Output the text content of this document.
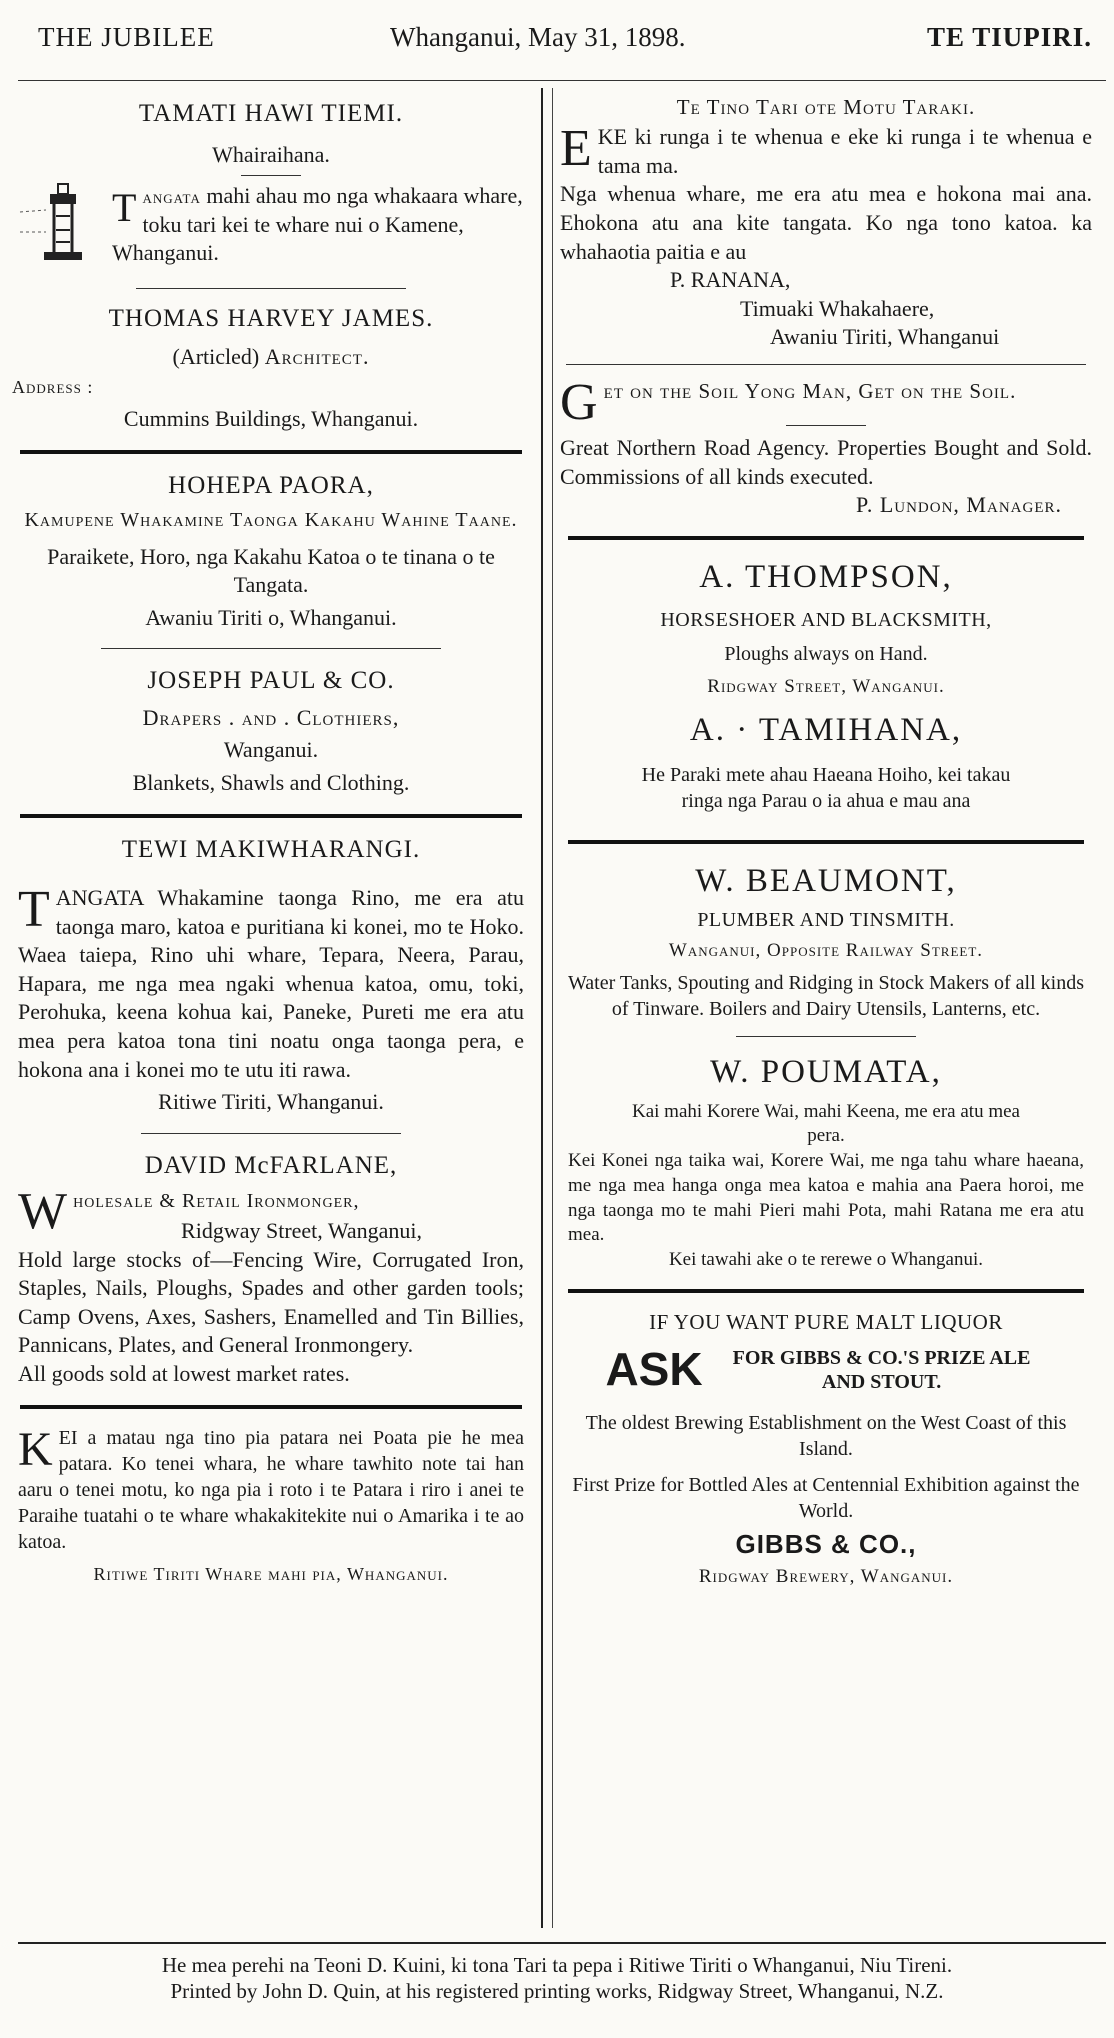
THE JUBILEE	Whanganui, May 31, 1898.	TE TIUPIRI.
TAMATI HAWI TIEMI.
Whairaihana.
Tangata mahi ahau mo nga whakaara whare, toku tari kei te whare nui o Kamene, Whanganui.
THOMAS HARVEY JAMES.
(Articled) Architect.
Address :
Cummins Buildings, Whanganui.
HOHEPA PAORA,
Kamupene Whakamine Taonga Kakahu Wahine Taane.
Paraikete, Horo, nga Kakahu Katoa o te tinana o te Tangata.
Awaniu Tiriti o, Whanganui.
JOSEPH PAUL & CO.
Drapers . and . Clothiers,
Wanganui.
Blankets, Shawls and Clothing.
TEWI MAKIWHARANGI.
TANGATA Whakamine taonga Rino, me era atu taonga maro, katoa e puritiana ki konei, mo te Hoko. Waea taiepa, Rino uhi whare, Tepara, Neera, Parau, Hapara, me nga mea ngaki whenua katoa, omu, toki, Perohuka, keena kohua kai, Paneke, Pureti me era atu mea pera katoa tona tini noatu onga taonga pera, e hokona ana i konei mo te utu iti rawa.
Ritiwe Tiriti, Whanganui.
DAVID McFARLANE,
Wholesale & Retail Ironmonger,
Ridgway Street, Wanganui,
Hold large stocks of—Fencing Wire, Corrugated Iron, Staples, Nails, Ploughs, Spades and other garden tools; Camp Ovens, Axes, Sashers, Enamelled and Tin Billies, Pannicans, Plates, and General Ironmongery.
All goods sold at lowest market rates.
KEI a matau nga tino pia patara nei Poata pie he mea patara. Ko tenei whara, he whare tawhito note tai han aaru o tenei motu, ko nga pia i roto i te Patara i riro i anei te Paraihe tuatahi o te whare whakakitekite nui o Amarika i te ao katoa.
Ritiwe Tiriti Whare mahi pia, Whanganui.
Te Tino Tari ote Motu Taraki.
EKE ki runga i te whenua e eke ki runga i te whenua e tama ma.
Nga whenua whare, me era atu mea e hokona mai ana. Ehokona atu ana kite tangata. Ko nga tono katoa. ka whahaotia paitia e au
P. RANANA,
Timuaki Whakahaere,
Awaniu Tiriti, Whanganui
Get on the Soil Yong Man, Get on the Soil.
Great Northern Road Agency. Properties Bought and Sold. Commissions of all kinds executed.
P. Lundon, Manager.
A. THOMPSON,
HORSESHOER AND BLACKSMITH,
Ploughs always on Hand.
Ridgway Street, Wanganui.
A. · TAMIHANA,
He Paraki mete ahau Haeana Hoiho, kei takau ringa nga Parau o ia ahua e mau ana
W. BEAUMONT,
PLUMBER AND TINSMITH.
Wanganui, Opposite Railway Street.
Water Tanks, Spouting and Ridging in Stock Makers of all kinds of Tinware. Boilers and Dairy Utensils, Lanterns, etc.
W. POUMATA,
Kai mahi Korere Wai, mahi Keena, me era atu mea pera.
Kei Konei nga taika wai, Korere Wai, me nga tahu whare haeana, me nga mea hanga onga mea katoa e mahia ana Paera horoi, me nga taonga mo te mahi Pieri mahi Pota, mahi Ratana me era atu mea.
Kei tawahi ake o te rerewe o Whanganui.
IF YOU WANT PURE MALT LIQUOR
ASK	FOR GIBBS & CO.'S PRIZE ALE AND STOUT.
The oldest Brewing Establishment on the West Coast of this Island.
First Prize for Bottled Ales at Centennial Exhibition against the World.
GIBBS & CO.,
Ridgway Brewery, Wanganui.
He mea perehi na Teoni D. Kuini, ki tona Tari ta pepa i Ritiwe Tiriti o Whanganui, Niu Tireni.
Printed by John D. Quin, at his registered printing works, Ridgway Street, Whanganui, N.Z.
